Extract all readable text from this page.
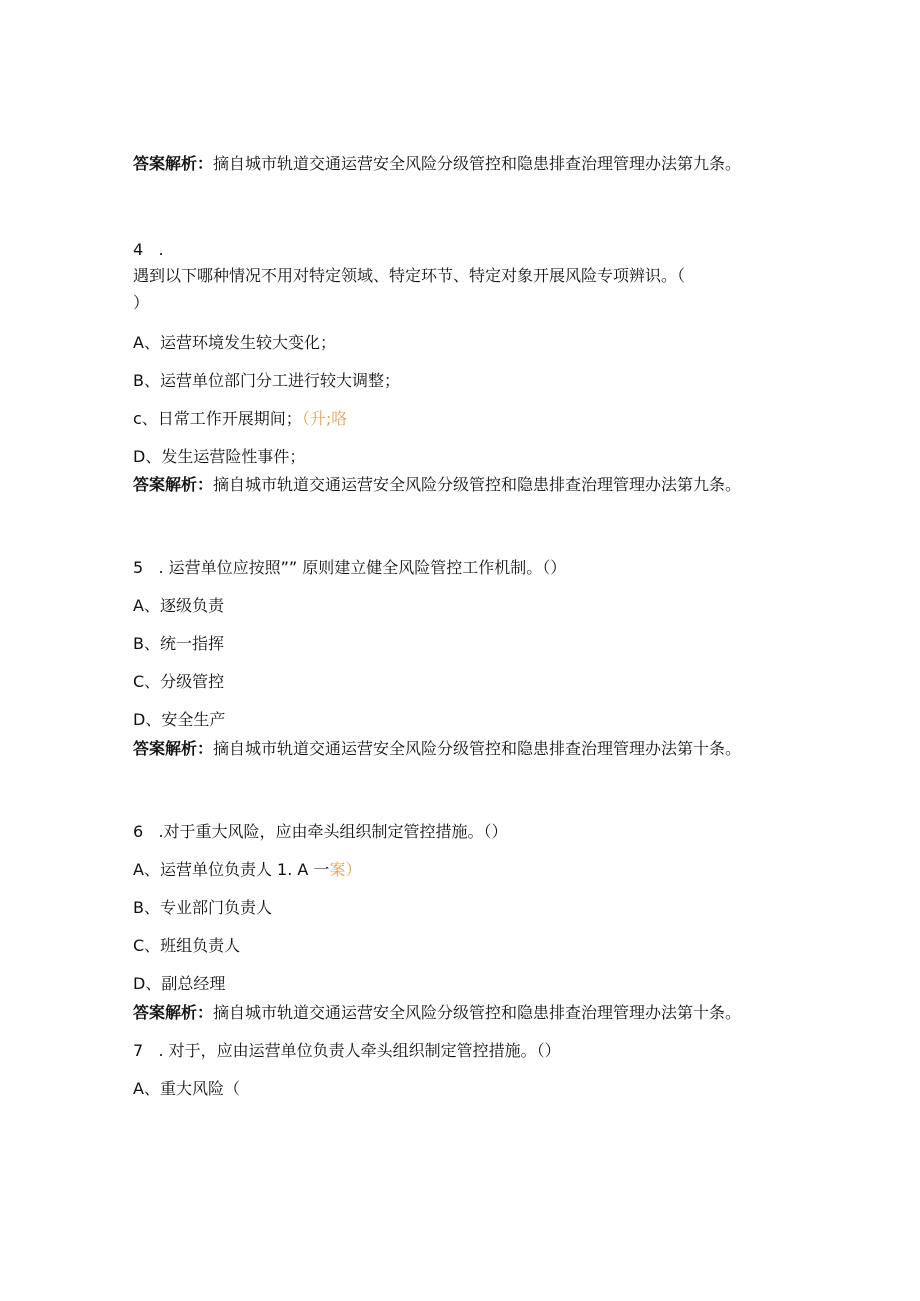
答案解析：摘自城市轨道交通运营安全风险分级管控和隐患排查治理管理办法第九条。
4 .
遇到以下哪种情况不用对特定领域、特定环节、特定对象开展风险专项辨识。（
）
A、运营环境发生较大变化；
B、运营单位部门分工进行较大调整；
c、日常工作开展期间；（升;咯
D、发生运营险性事件；
答案解析：摘自城市轨道交通运营安全风险分级管控和隐患排查治理管理办法第九条。
5 . 运营单位应按照”” 原则建立健全风险管控工作机制。（）
A、逐级负责
B、统一指挥
C、分级管控
D、安全生产
答案解析：摘自城市轨道交通运营安全风险分级管控和隐患排查治理管理办法第十条。
6 .对于重大风险，应由牵头组织制定管控措施。（）
A、运营单位负责人 1. A 一案）
B、专业部门负责人
C、班组负责人
D、副总经理
答案解析：摘自城市轨道交通运营安全风险分级管控和隐患排查治理管理办法第十条。
7 . 对于，应由运营单位负责人牵头组织制定管控措施。（）
A、重大风险（
